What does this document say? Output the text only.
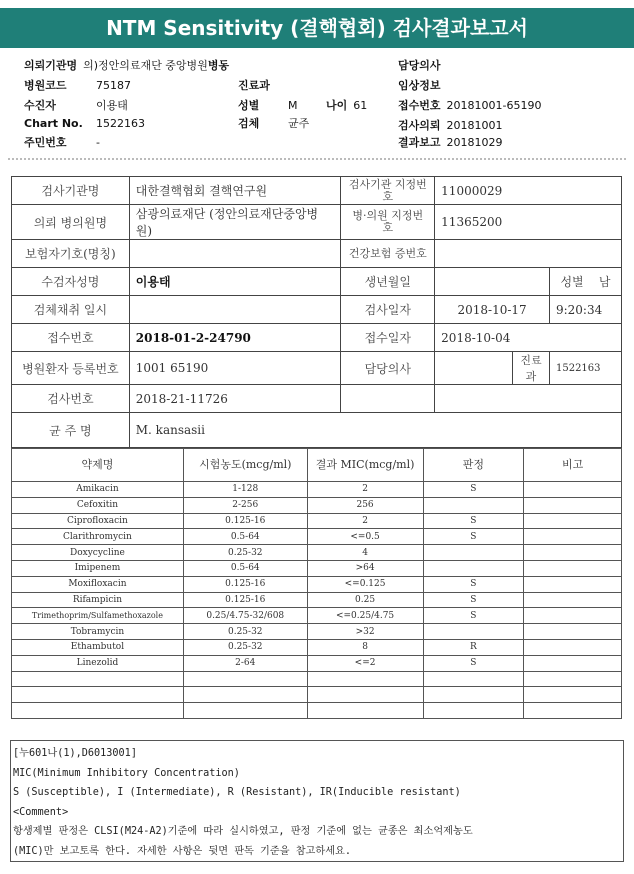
NTM Sensitivity (결핵협회) 검사결과보고서
의뢰기관명 의)정안의료재단 중앙병원병동	담당의사
병원코드	75187	진료과	임상정보
수진자	이용태	성별	M	나이 61	접수번호 20181001-65190
Chart No. 1522163	검체	균주	검사의뢰 20181001
주민번호	-	결과보고 20181029
검사기관명	대한결핵협회 결핵연구원	검사기관 지정번호	11000029		
의뢰 병의원명	삼광의료재단 (정안의료재단중앙병원)	병·의원 지정번호	11365200		
보험자기호(명칭)		건강보험 증번호			
수검자성명	이용태	생년월일			성별 남
검체채취 일시		검사일자	2018-10-17		9:20:34
접수번호	2018-01-2-24790	접수일자	2018-10-04		
병원환자 등록번호	1001 65190	담당의사		진료과	1522163
검사번호	2018-21-11726				
균 주 명	M. kansasii				
약제명	시험농도(mcg/ml)	결과 MIC(mcg/ml)	판정	비고
Amikacin	1-128	2	S	
Cefoxitin	2-256	256		
Ciprofloxacin	0.125-16	2	S	
Clarithromycin	0.5-64	<=0.5	S	
Doxycycline	0.25-32	4		
Imipenem	0.5-64	>64		
Moxifloxacin	0.125-16	<=0.125	S	
Rifampicin	0.125-16	0.25	S	
Trimethoprim/Sulfamethoxazole	0.25/4.75-32/608	<=0.25/4.75	S	
Tobramycin	0.25-32	>32		
Ethambutol	0.25-32	8	R	
Linezolid	2-64	<=2	S	

[누601나(1),D6013001]
MIC(Minimum Inhibitory Concentration)
S (Susceptible), I (Intermediate), R (Resistant), IR(Inducible resistant)
<Comment>
항생제별 판정은 CLSI(M24-A2)기준에 따라 실시하였고, 판정 기준에 없는 균종은 최소억제농도
(MIC)만 보고토록 한다. 자세한 사항은 뒷면 판독 기준을 참고하세요.
